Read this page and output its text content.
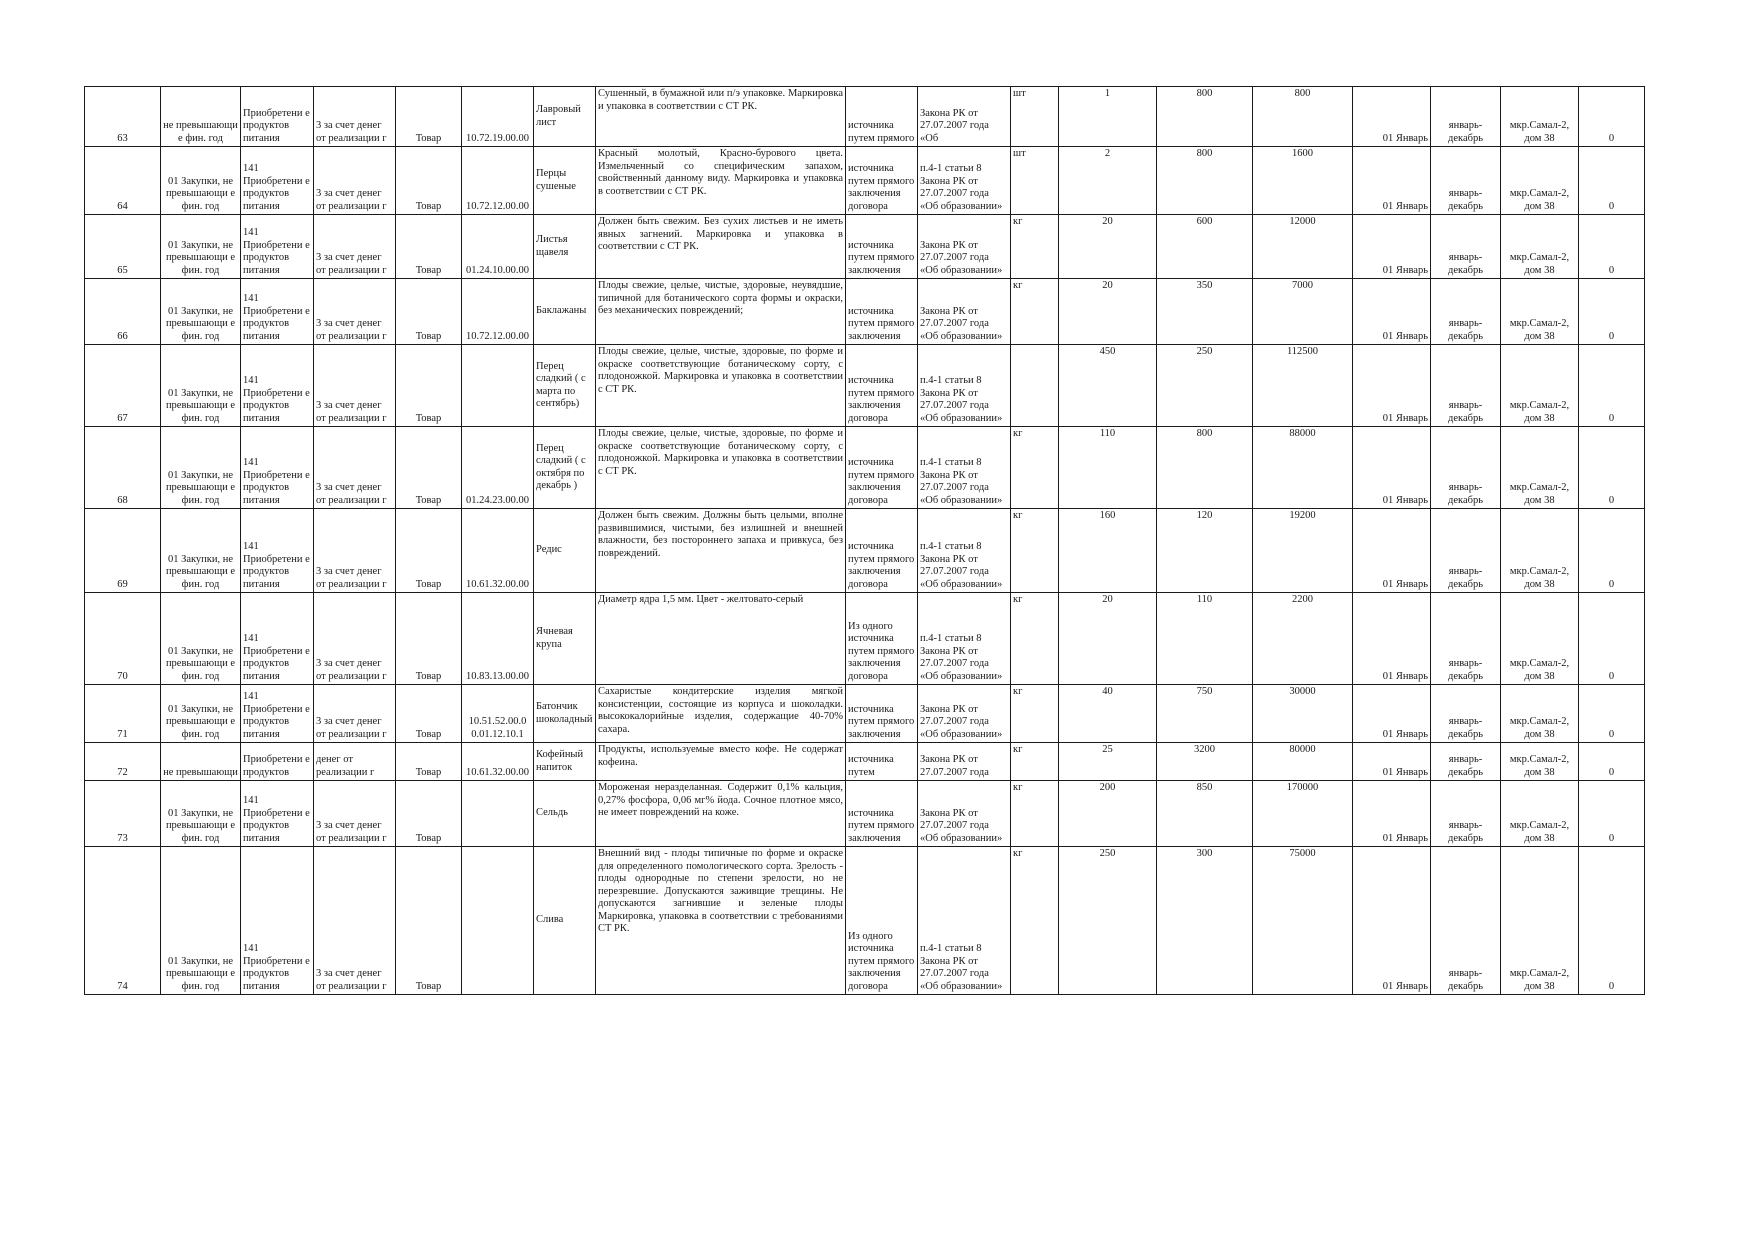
63	не превышающи е фин. год	Приобретени е продуктов питания	3 за счет денег от реализации г	Товар	10.72.19.00.00	Лавровый лист	Сушенный, в бумажной или п/э упаковке. Маркировка и упаковка в соответствии с СТ РК.	источника путем прямого	Закона РК от 27.07.2007 года «Об	шт	1	800	800	01 Январь	январь-декабрь	мкр.Самал-2, дом 38	0
64	01 Закупки, не превышающи е фин. год	141 Приобретени е продуктов питания	3 за счет денег от реализации г	Товар	10.72.12.00.00	Перцы сушеные	Красный молотый, Красно-бурового цвета. Измельченный со специфическим запахом, свойственный данному виду. Маркировка и упаковка в соответствии с СТ РК.	источника путем прямого заключения договора	п.4-1 статьи 8 Закона РК от 27.07.2007 года «Об образовании»	шт	2	800	1600	01 Январь	январь-декабрь	мкр.Самал-2, дом 38	0
65	01 Закупки, не превышающи е фин. год	141 Приобретени е продуктов питания	3 за счет денег от реализации г	Товар	01.24.10.00.00	Листья щавеля	Должен быть свежим. Без сухих листьев и не иметь явных загнений. Маркировка и упаковка в соответствии с СТ РК.	источника путем прямого заключения	Закона РК от 27.07.2007 года «Об образовании»	кг	20	600	12000	01 Январь	январь-декабрь	мкр.Самал-2, дом 38	0
66	01 Закупки, не превышающи е фин. год	141 Приобретени е продуктов питания	3 за счет денег от реализации г	Товар	10.72.12.00.00	Баклажаны	Плоды свежие, целые, чистые, здоровые, неувядшие, типичной для ботанического сорта формы и окраски, без механических повреждений;	источника путем прямого заключения	Закона РК от 27.07.2007 года «Об образовании»	кг	20	350	7000	01 Январь	январь-декабрь	мкр.Самал-2, дом 38	0
67	01 Закупки, не превышающи е фин. год	141 Приобретени е продуктов питания	3 за счет денег от реализации г	Товар		Перец сладкий ( с марта по сентябрь)	Плоды свежие, целые, чистые, здоровые, по форме и окраске соответствующие ботаническому сорту, с плодоножкой. Маркировка и упаковка в соответствии с СТ РК.	источника путем прямого заключения договора	п.4-1 статьи 8 Закона РК от 27.07.2007 года «Об образовании»		450	250	112500	01 Январь	январь-декабрь	мкр.Самал-2, дом 38	0
68	01 Закупки, не превышающи е фин. год	141 Приобретени е продуктов питания	3 за счет денег от реализации г	Товар	01.24.23.00.00	Перец сладкий ( с октября по декабрь )	Плоды свежие, целые, чистые, здоровые, по форме и окраске соответствующие ботаническому сорту, с плодоножкой. Маркировка и упаковка в соответствии с СТ РК.	источника путем прямого заключения договора	п.4-1 статьи 8 Закона РК от 27.07.2007 года «Об образовании»	кг	110	800	88000	01 Январь	январь-декабрь	мкр.Самал-2, дом 38	0
69	01 Закупки, не превышающи е фин. год	141 Приобретени е продуктов питания	3 за счет денег от реализации г	Товар	10.61.32.00.00	Редис	Должен быть свежим. Должны быть целыми, вполне развившимися, чистыми, без излишней и внешней влажности, без постороннего запаха и привкуса, без повреждений.	источника путем прямого заключения договора	п.4-1 статьи 8 Закона РК от 27.07.2007 года «Об образовании»	кг	160	120	19200	01 Январь	январь-декабрь	мкр.Самал-2, дом 38	0
70	01 Закупки, не превышающи е фин. год	141 Приобретени е продуктов питания	3 за счет денег от реализации г	Товар	10.83.13.00.00	Ячневая крупа	Диаметр ядра 1,5 мм. Цвет - желтовато-серый	Из одного источника путем прямого заключения договора	п.4-1 статьи 8 Закона РК от 27.07.2007 года «Об образовании»	кг	20	110	2200	01 Январь	январь-декабрь	мкр.Самал-2, дом 38	0
71	01 Закупки, не превышающи е фин. год	141 Приобретени е продуктов питания	3 за счет денег от реализации г	Товар	10.51.52.00.0 0.01.12.10.1	Батончик шоколадный	Сахаристые кондитерские изделия мягкой консистенции, состоящие из корпуса и шоколадки. высококалорийные изделия, содержащие 40-70% сахара.	источника путем прямого заключения	Закона РК от 27.07.2007 года «Об образовании»	кг	40	750	30000	01 Январь	январь-декабрь	мкр.Самал-2, дом 38	0
72	не превышающи	Приобретени е продуктов	денег от реализации г	Товар	10.61.32.00.00	Кофейный напиток	Продукты, используемые вместо кофе. Не содержат кофеина.	источника путем	Закона РК от 27.07.2007 года	кг	25	3200	80000	01 Январь	январь-декабрь	мкр.Самал-2, дом 38	0
73	01 Закупки, не превышающи е фин. год	141 Приобретени е продуктов питания	3 за счет денег от реализации г	Товар		Сельдь	Мороженая неразделанная. Содержит 0,1% кальция, 0,27% фосфора, 0,06 мг% йода. Сочное плотное мясо, не имеет повреждений на коже.	источника путем прямого заключения	Закона РК от 27.07.2007 года «Об образовании»	кг	200	850	170000	01 Январь	январь-декабрь	мкр.Самал-2, дом 38	0
74	01 Закупки, не превышающи е фин. год	141 Приобретени е продуктов питания	3 за счет денег от реализации г	Товар		Слива	Внешний вид - плоды типичные по форме и окраске для определенного помологического сорта. Зрелость - плоды однородные по степени зрелости, но не перезревшие. Допускаются заживщие трещины. Не допускаются загнившие и зеленые плоды Маркировка, упаковка в соответствии с требованиями СТ РК.	Из одного источника путем прямого заключения договора	п.4-1 статьи 8 Закона РК от 27.07.2007 года «Об образовании»	кг	250	300	75000	01 Январь	январь-декабрь	мкр.Самал-2, дом 38	0
